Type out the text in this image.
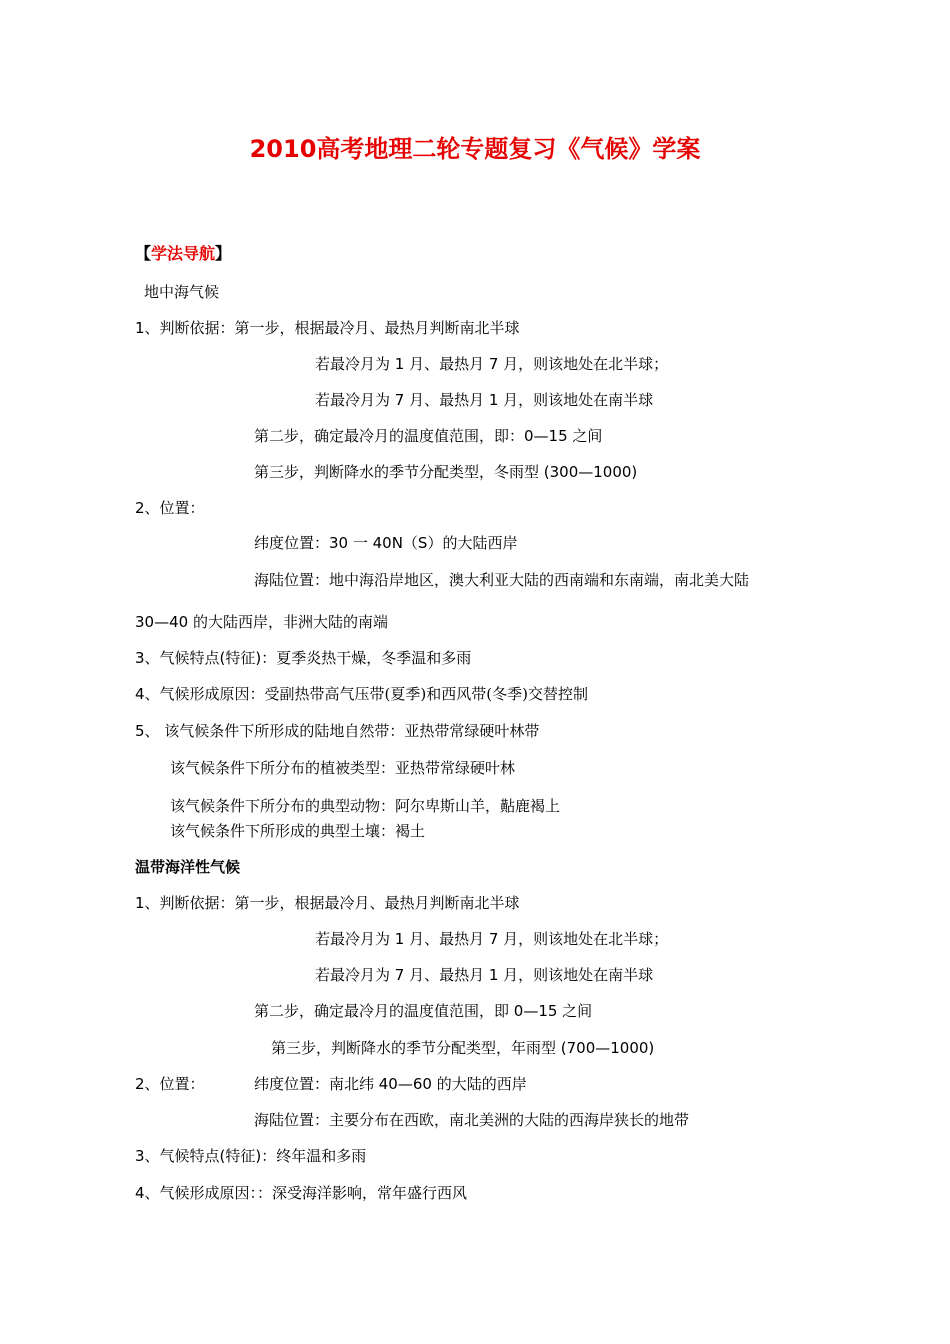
2010高考地理二轮专题复习《气候》学案
【学法导航】
地中海气候
1、判断依据：第一步，根据最冷月、最热月判断南北半球
若最冷月为 1 月、最热月 7 月，则该地处在北半球；
若最冷月为 7 月、最热月 1 月，则该地处在南半球
第二步，确定最冷月的温度值范围，即：0—15 之间
第三步，判断降水的季节分配类型，冬雨型 (300—1000)
2、位置：
纬度位置：30 一 40N（S）的大陆西岸
海陆位置：地中海沿岸地区，澳大利亚大陆的西南端和东南端，南北美大陆
30—40 的大陆西岸，非洲大陆的南端
3、气候特点(特征)：夏季炎热干燥，冬季温和多雨
4、气候形成原因：受副热带高气压带(夏季)和西风带(冬季)交替控制
5、 该气候条件下所形成的陆地自然带：亚热带常绿硬叶林带
该气候条件下所分布的植被类型：亚热带常绿硬叶林
该气候条件下所分布的典型动物：阿尔卑斯山羊，黇鹿褐上
该气候条件下所形成的典型土壤：褐土
温带海洋性气候
1、判断依据：第一步，根据最冷月、最热月判断南北半球
若最冷月为 1 月、最热月 7 月，则该地处在北半球；
若最冷月为 7 月、最热月 1 月，则该地处在南半球
第二步，确定最冷月的温度值范围，即 0—15 之间
第三步，判断降水的季节分配类型，年雨型 (700—1000)
2、位置：	纬度位置：南北纬 40—60 的大陆的西岸
海陆位置：主要分布在西欧，南北美洲的大陆的西海岸狭长的地带
3、气候特点(特征)：终年温和多雨
4、气候形成原因：：深受海洋影响，常年盛行西风
